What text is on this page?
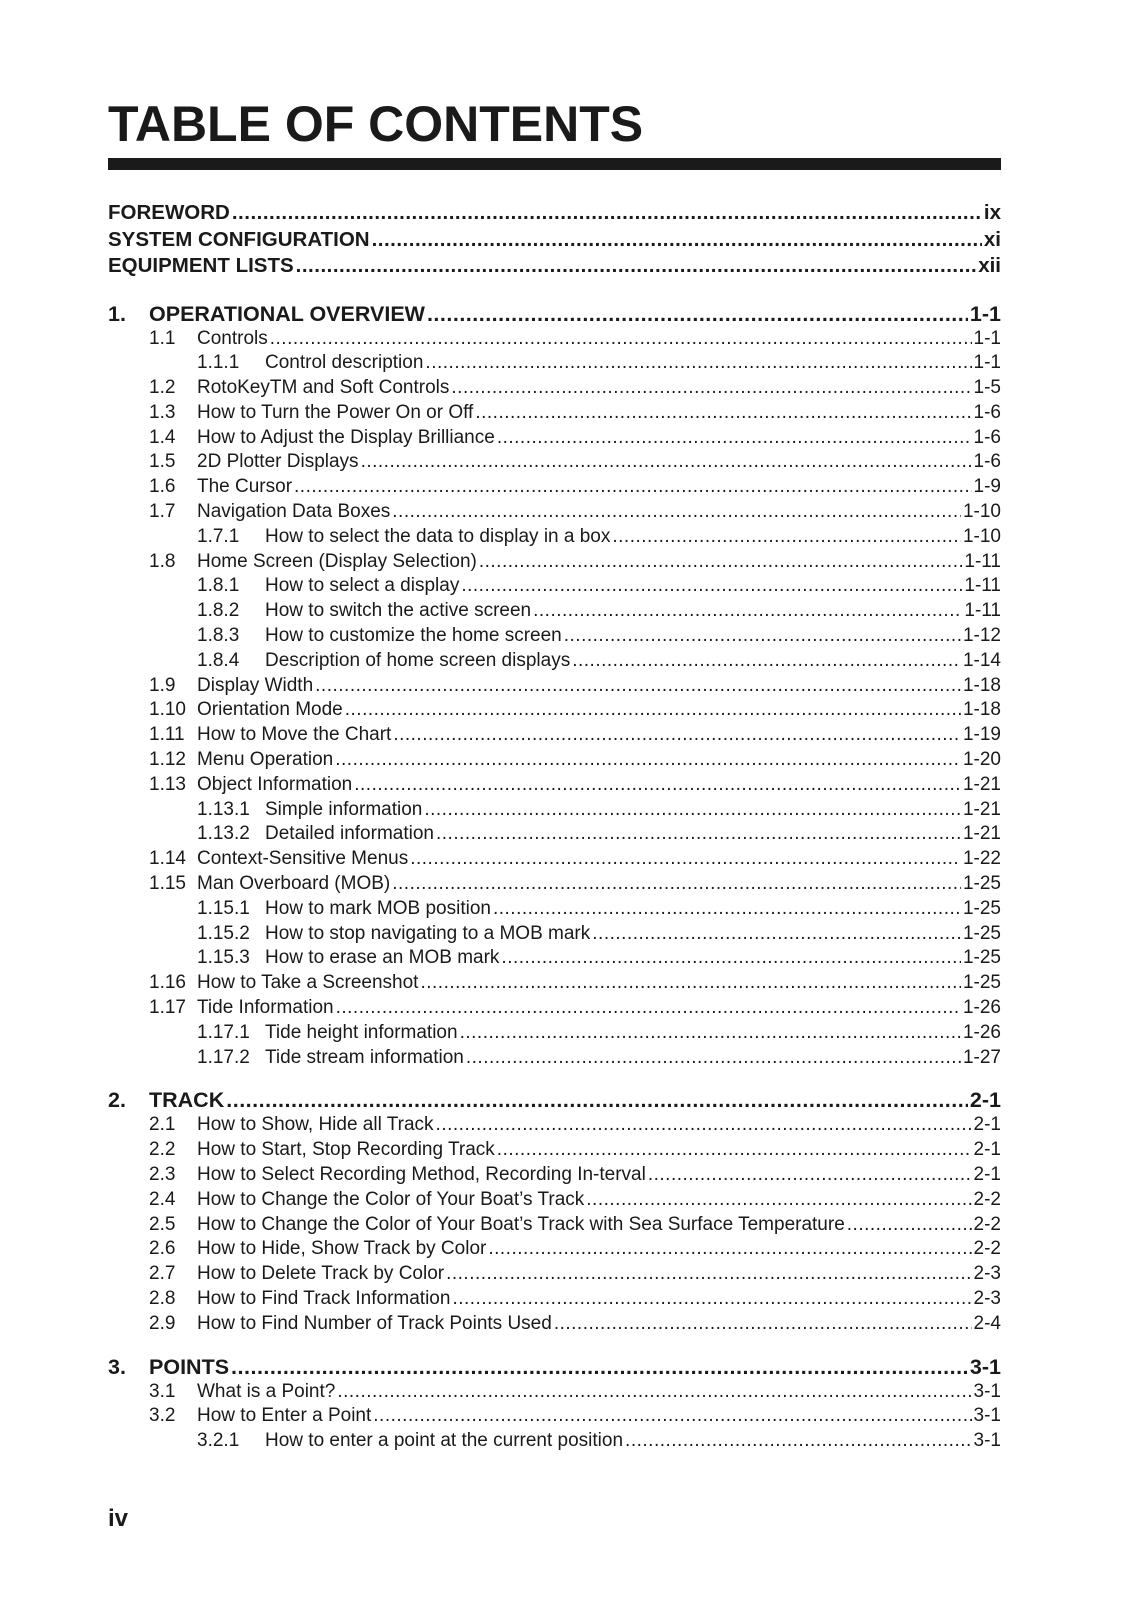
TABLE OF CONTENTS
FOREWORD .....	ix
SYSTEM CONFIGURATION .....	xi
EQUIPMENT LISTS .....	xii
1.	OPERATIONAL OVERVIEW .....	1-1
1.1	Controls .....	1-1
1.1.1	Control description .....	1-1
1.2	RotoKeyTM and Soft Controls .....	1-5
1.3	How to Turn the Power On or Off .....	1-6
1.4	How to Adjust the Display Brilliance .....	1-6
1.5	2D Plotter Displays .....	1-6
1.6	The Cursor .....	1-9
1.7	Navigation Data Boxes .....	1-10
1.7.1	How to select the data to display in a box .....	1-10
1.8	Home Screen (Display Selection) .....	1-11
1.8.1	How to select a display .....	1-11
1.8.2	How to switch the active screen .....	1-11
1.8.3	How to customize the home screen .....	1-12
1.8.4	Description of home screen displays .....	1-14
1.9	Display Width .....	1-18
1.10 Orientation Mode .....	1-18
1.11 How to Move the Chart .....	1-19
1.12 Menu Operation .....	1-20
1.13 Object Information .....	1-21
1.13.1 Simple information .....	1-21
1.13.2 Detailed information .....	1-21
1.14 Context-Sensitive Menus .....	1-22
1.15 Man Overboard (MOB) .....	1-25
1.15.1 How to mark MOB position .....	1-25
1.15.2 How to stop navigating to a MOB mark .....	1-25
1.15.3 How to erase an MOB mark .....	1-25
1.16 How to Take a Screenshot .....	1-25
1.17 Tide Information .....	1-26
1.17.1 Tide height information .....	1-26
1.17.2 Tide stream information .....	1-27
2.	TRACK .....	2-1
2.1	How to Show, Hide all Track .....	2-1
2.2	How to Start, Stop Recording Track .....	2-1
2.3	How to Select Recording Method, Recording In-terval .....	2-1
2.4	How to Change the Color of Your Boat’s Track .....	2-2
2.5	How to Change the Color of Your Boat’s Track with Sea Surface Temperature .....	2-2
2.6	How to Hide, Show Track by Color .....	2-2
2.7	How to Delete Track by Color .....	2-3
2.8	How to Find Track Information .....	2-3
2.9	How to Find Number of Track Points Used .....	2-4
3.	POINTS .....	3-1
3.1	What is a Point? .....	3-1
3.2	How to Enter a Point .....	3-1
3.2.1	How to enter a point at the current position .....	3-1

iv
